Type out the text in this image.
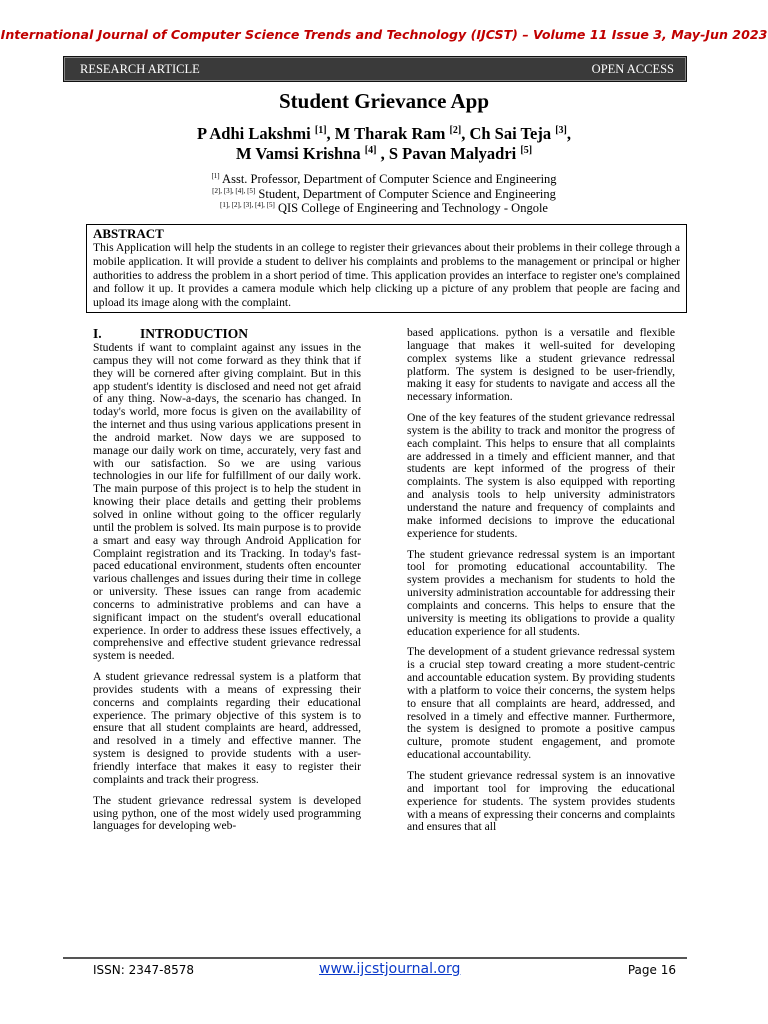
International Journal of Computer Science Trends and Technology (IJCST) – Volume 11 Issue 3, May-Jun 2023
RESEARCH ARTICLE	OPEN ACCESS
Student Grievance App
P Adhi Lakshmi [1], M Tharak Ram [2], Ch Sai Teja [3],
M Vamsi Krishna [4] , S Pavan Malyadri [5]
[1] Asst. Professor, Department of Computer Science and Engineering
[2], [3], [4], [5] Student, Department of Computer Science and Engineering
[1], [2], [3], [4], [5] QIS College of Engineering and Technology - Ongole
ABSTRACT
This Application will help the students in an college to register their grievances about their problems in their college through a mobile application. It will provide a student to deliver his complaints and problems to the management or principal or higher authorities to address the problem in a short period of time. This application provides an interface to register one's complained and follow it up. It provides a camera module which help clicking up a picture of any problem that people are facing and upload its image along with the complaint.
I.	INTRODUCTION

Students if want to complaint against any issues in the campus they will not come forward as they think that if they will be cornered after giving complaint. But in this app student's identity is disclosed and need not get afraid of any thing. Now-a-days, the scenario has changed. In today's world, more focus is given on the availability of the internet and thus using various applications present in the android market. Now days we are supposed to manage our daily work on time, accurately, very fast and with our satisfaction. So we are using various technologies in our life for fulfillment of our daily work. The main purpose of this project is to help the student in knowing their place details and getting their problems solved in online without going to the officer regularly until the problem is solved. Its main purpose is to provide a smart and easy way through Android Application for Complaint registration and its Tracking. In today's fast-paced educational environment, students often encounter various challenges and issues during their time in college or university. These issues can range from academic concerns to administrative problems and can have a significant impact on the student's overall educational experience. In order to address these issues effectively, a comprehensive and effective student grievance redressal system is needed.

A student grievance redressal system is a platform that provides students with a means of expressing their concerns and complaints regarding their educational experience. The primary objective of this system is to ensure that all student complaints are heard, addressed, and resolved in a timely and effective manner. The system is designed to provide students with a user-friendly interface that makes it easy to register their complaints and track their progress.

The student grievance redressal system is developed using python, one of the most widely used programming languages for developing web-

based applications. python is a versatile and flexible language that makes it well-suited for developing complex systems like a student grievance redressal platform. The system is designed to be user-friendly, making it easy for students to navigate and access all the necessary information.

One of the key features of the student grievance redressal system is the ability to track and monitor the progress of each complaint. This helps to ensure that all complaints are addressed in a timely and efficient manner, and that students are kept informed of the progress of their complaints. The system is also equipped with reporting and analysis tools to help university administrators understand the nature and frequency of complaints and make informed decisions to improve the educational experience for students.

The student grievance redressal system is an important tool for promoting educational accountability. The system provides a mechanism for students to hold the university administration accountable for addressing their complaints and concerns. This helps to ensure that the university is meeting its obligations to provide a quality education experience for all students.

The development of a student grievance redressal system is a crucial step toward creating a more student-centric and accountable education system. By providing students with a platform to voice their concerns, the system helps to ensure that all complaints are heard, addressed, and resolved in a timely and effective manner. Furthermore, the system is designed to promote a positive campus culture, promote student engagement, and promote educational accountability.

The student grievance redressal system is an innovative and important tool for improving the educational experience for students. The system provides students with a means of expressing their concerns and complaints and ensures that all

ISSN: 2347-8578	www.ijcstjournal.org	Page 16
